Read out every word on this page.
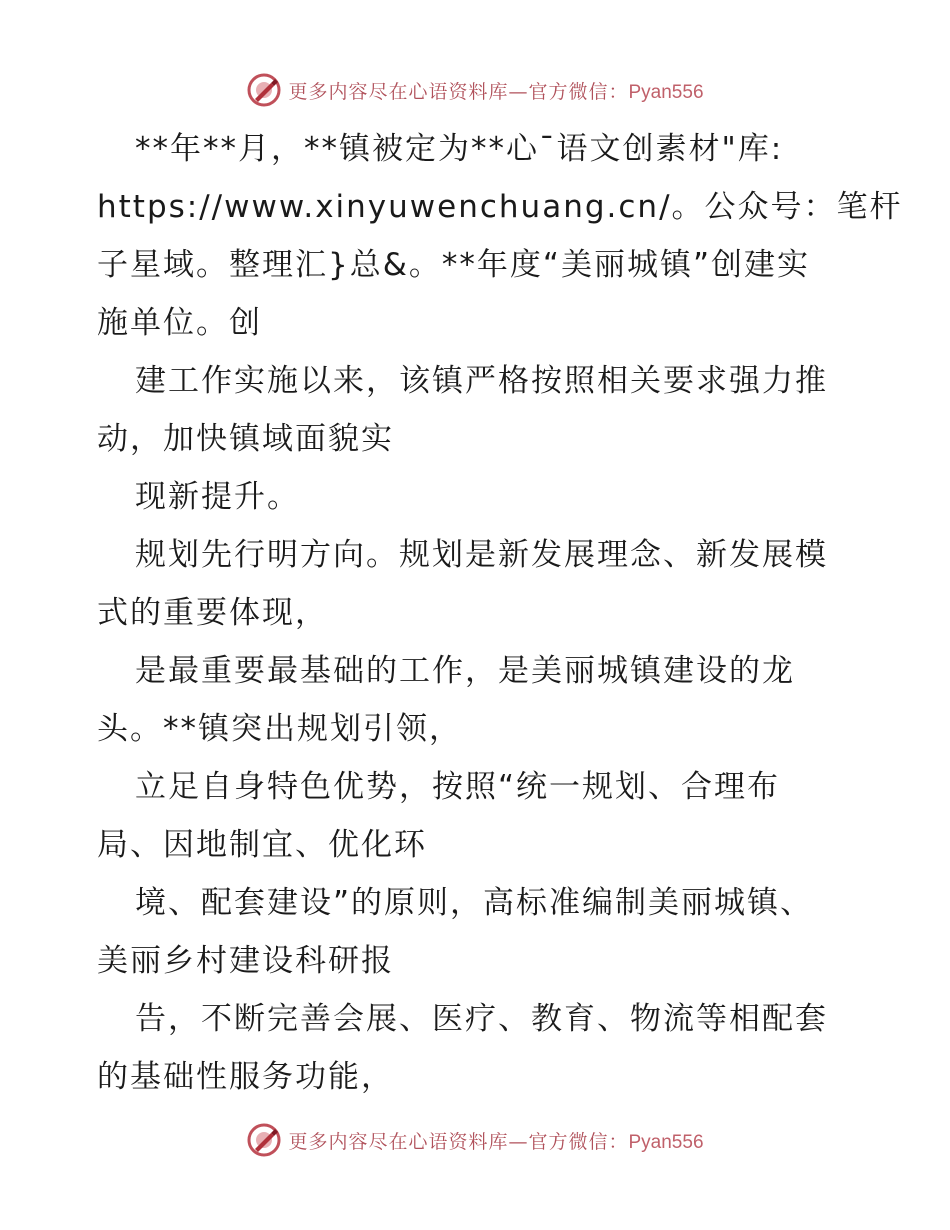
更多内容尽在心语资料库—官方微信：Pyan556
**年**月，**镇被定为**心¯语文创素材"库:
https://www.xinyuwenchuang.cn/。公众号：笔杆
子星域。整理汇}总&。**年度“美丽城镇”创建实
施单位。创
建工作实施以来，该镇严格按照相关要求强力推
动，加快镇域面貌实
现新提升。
规划先行明方向。规划是新发展理念、新发展模
式的重要体现，
是最重要最基础的工作，是美丽城镇建设的龙
头。**镇突出规划引领，
立足自身特色优势，按照“统一规划、合理布
局、因地制宜、优化环
境、配套建设”的原则，高标准编制美丽城镇、
美丽乡村建设科研报
告，不断完善会展、医疗、教育、物流等相配套
的基础性服务功能，
更多内容尽在心语资料库—官方微信：Pyan556
